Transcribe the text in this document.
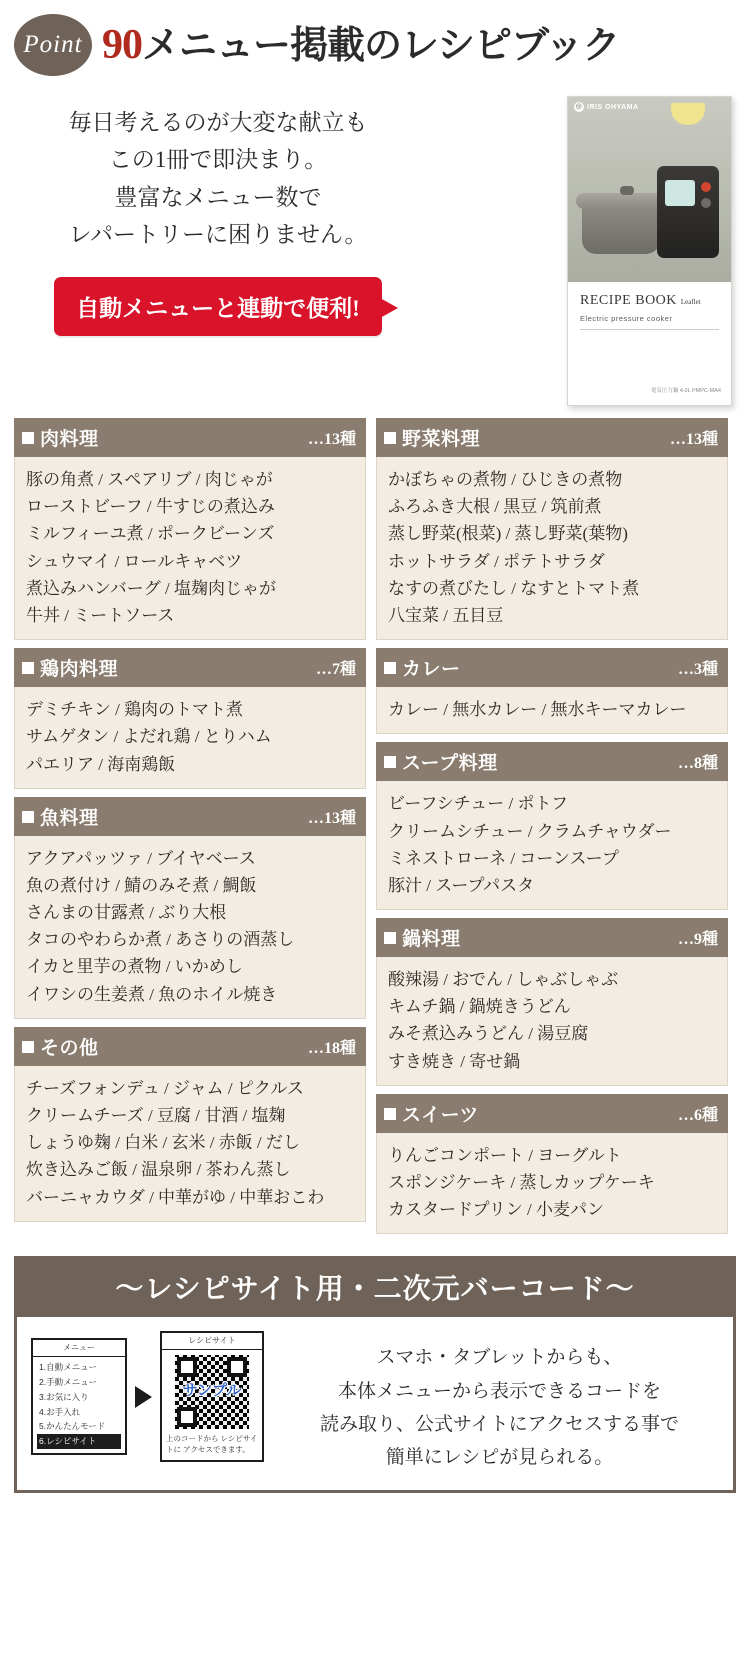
Point 90メニュー掲載のレシピブック
毎日考えるのが大変な献立も
この1冊で即決まり。
豊富なメニュー数で
レパートリーに困りません。
自動メニューと連動で便利!
◎ IRIS OHYAMA
RECIPE BOOK Leaflet
Electric pressure cooker
電気圧力鍋 4.0L PMPC-MA4
肉料理	…13種
豚の角煮 / スペアリブ / 肉じゃが
ローストビーフ / 牛すじの煮込み
ミルフィーユ煮 / ポークビーンズ
シュウマイ / ロールキャベツ
煮込みハンバーグ / 塩麹肉じゃが
牛丼 / ミートソース
鶏肉料理	…7種
デミチキン / 鶏肉のトマト煮
サムゲタン / よだれ鶏 / とりハム
パエリア / 海南鶏飯
魚料理	…13種
アクアパッツァ / ブイヤベース
魚の煮付け / 鯖のみそ煮 / 鯛飯
さんまの甘露煮 / ぶり大根
タコのやわらか煮 / あさりの酒蒸し
イカと里芋の煮物 / いかめし
イワシの生姜煮 / 魚のホイル焼き
その他	…18種
チーズフォンデュ / ジャム / ピクルス
クリームチーズ / 豆腐 / 甘酒 / 塩麹
しょうゆ麹 / 白米 / 玄米 / 赤飯 / だし
炊き込みご飯 / 温泉卵 / 茶わん蒸し
バーニャカウダ / 中華がゆ / 中華おこわ
野菜料理	…13種
かぼちゃの煮物 / ひじきの煮物
ふろふき大根 / 黒豆 / 筑前煮
蒸し野菜(根菜) / 蒸し野菜(葉物)
ホットサラダ / ポテトサラダ
なすの煮びたし / なすとトマト煮
八宝菜 / 五目豆
カレー	…3種
カレー / 無水カレー / 無水キーマカレー
スープ料理	…8種
ビーフシチュー / ポトフ
クリームシチュー / クラムチャウダー
ミネストローネ / コーンスープ
豚汁 / スープパスタ
鍋料理	…9種
酸辣湯 / おでん / しゃぶしゃぶ
キムチ鍋 / 鍋焼きうどん
みそ煮込みうどん / 湯豆腐
すき焼き / 寄せ鍋
スイーツ	…6種
りんごコンポート / ヨーグルト
スポンジケーキ / 蒸しカップケーキ
カスタードプリン / 小麦パン
〜レシピサイト用・二次元バーコード〜
メニュー
1.自動メニュー
2.手動メニュー
3.お気に入り
4.お手入れ
5.かんたんモード
6.レシピサイト
レシピサイト
サンプル
上のコードから レシピサイトに アクセスできます。
スマホ・タブレットからも、
本体メニューから表示できるコードを
読み取り、公式サイトにアクセスする事で
簡単にレシピが見られる。
